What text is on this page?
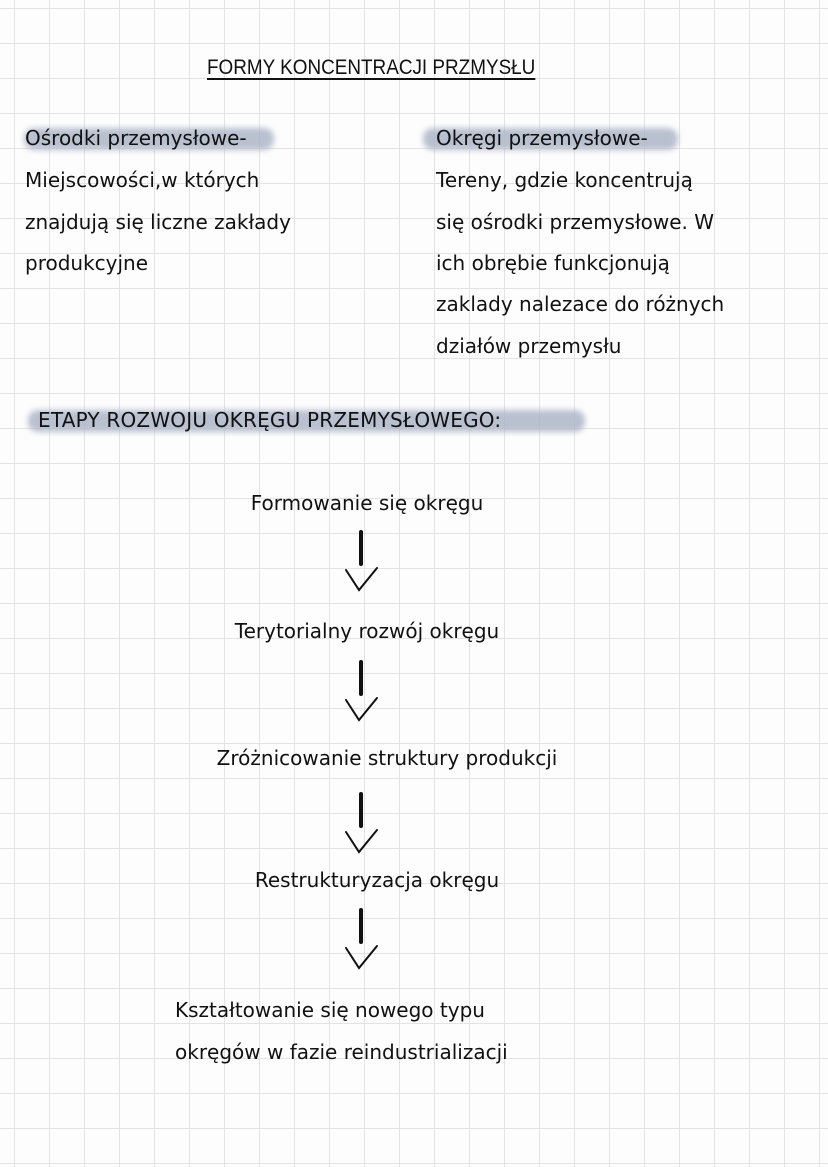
FORMY KONCENTRACJI PRZMYSŁU
Ośrodki przemysłowe-
Miejscowości,w których
znajdują się liczne zakłady
produkcyjne
Okręgi przemysłowe-
Tereny, gdzie koncentrują
się ośrodki przemysłowe. W
ich obrębie funkcjonują
zaklady nalezace do różnych
działów przemysłu
ETAPY ROZWOJU OKRĘGU PRZEMYSŁOWEGO:
Formowanie się okręgu
Terytorialny rozwój okręgu
Zróżnicowanie struktury produkcji
Restrukturyzacja okręgu
Kształtowanie się nowego typu
okręgów w fazie reindustrializacji
